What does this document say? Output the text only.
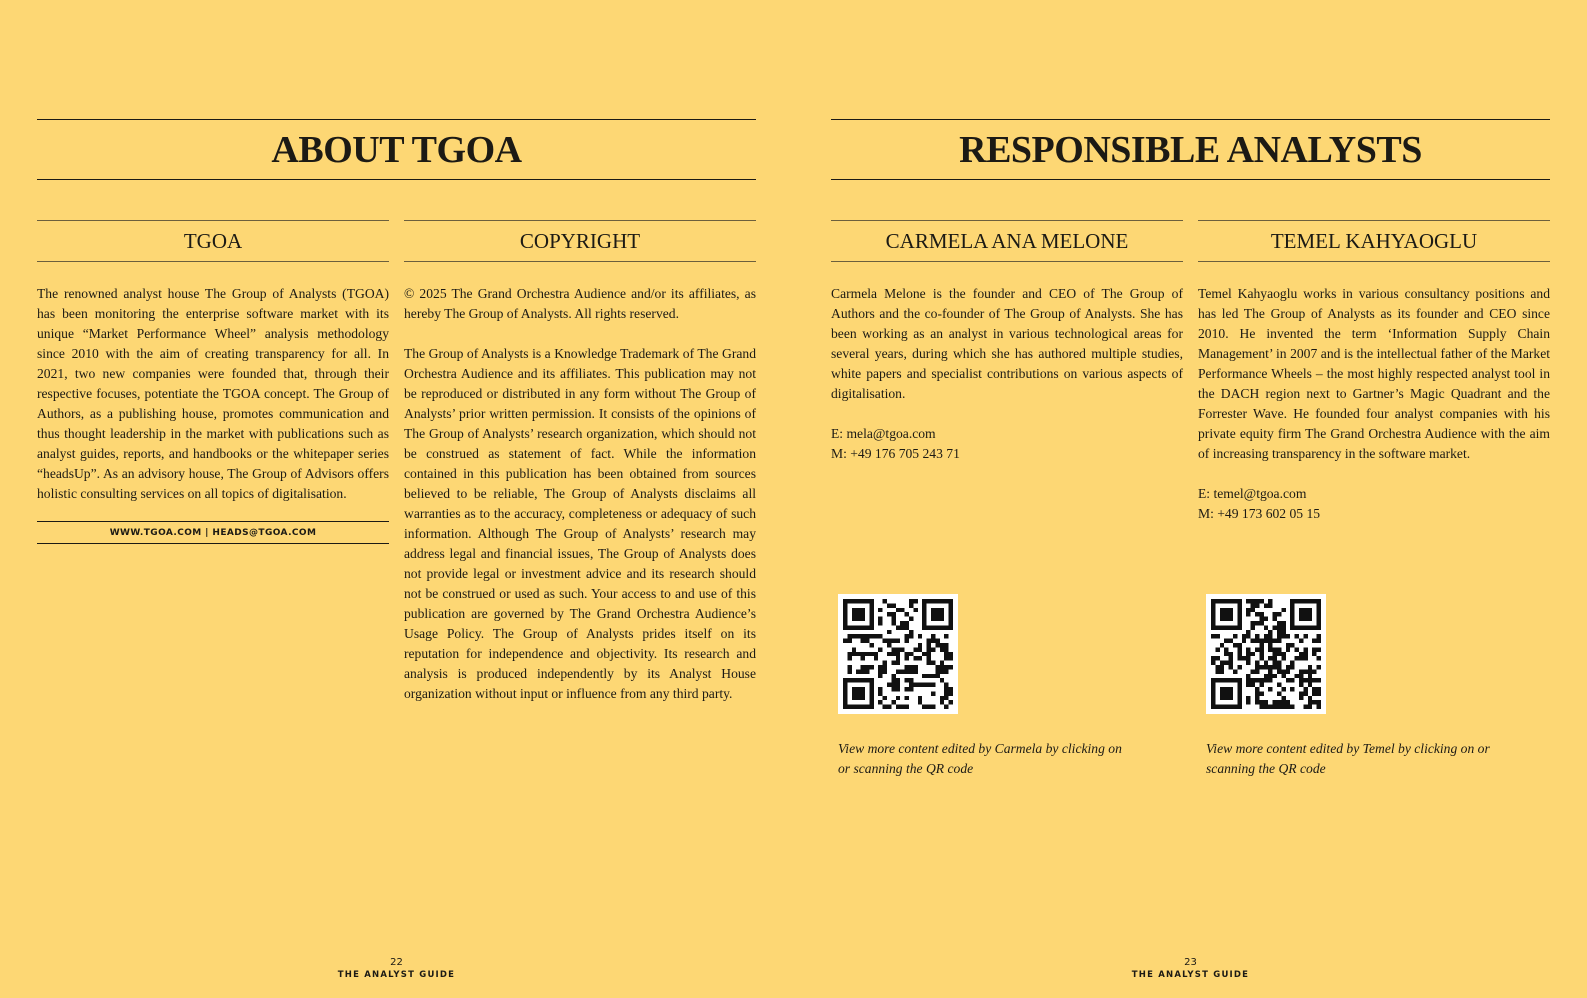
ABOUT TGOA
TGOA

The renowned analyst house The Group of Analysts (TGOA) has been monitoring the enterprise software market with its unique “Market Performance Wheel” analysis methodology since 2010 with the aim of creating transparency for all. In 2021, two new companies were founded that, through their respective focuses, potentiate the TGOA concept. The Group of Authors, as a publishing house, promotes communication and thus thought leadership in the market with publications such as analyst guides, reports, and handbooks or the whitepaper series “headsUp”. As an advisory house, The Group of Advisors offers holistic consulting services on all topics of digitalisation.

WWW.TGOA.COM | HEADS@TGOA.COM
COPYRIGHT

© 2025 The Grand Orchestra Audience and/or its affiliates, as hereby The Group of Analysts. All rights reserved.

The Group of Analysts is a Knowledge Trademark of The Grand Orchestra Audience and its affiliates. This publication may not be reproduced or distributed in any form without The Group of Analysts’ prior written permission. It consists of the opinions of The Group of Analysts’ research organization, which should not be construed as statement of fact. While the information contained in this publication has been obtained from sources believed to be reliable, The Group of Analysts disclaims all warranties as to the accuracy, completeness or adequacy of such information. Although The Group of Analysts’ research may address legal and financial issues, The Group of Analysts does not provide legal or investment advice and its research should not be construed or used as such. Your access to and use of this publication are governed by The Grand Orchestra Audience’s Usage Policy. The Group of Analysts prides itself on its reputation for independence and objectivity. Its research and analysis is produced independently by its Analyst House organization without input or influence from any third party.

22
THE ANALYST GUIDE
RESPONSIBLE ANALYSTS
CARMELA ANA MELONE

Carmela Melone is the founder and CEO of The Group of Authors and the co-founder of The Group of Analysts. She has been working as an analyst in various technological areas for several years, during which she has authored multiple studies, white papers and specialist contributions on various aspects of digitalisation.

E: mela@tgoa.com
M: +49 176 705 243 71
View more content edited by Carmela by clicking on or scanning the QR code
TEMEL KAHYAOGLU

Temel Kahyaoglu works in various consultancy positions and has led The Group of Analysts as its founder and CEO since 2010. He invented the term ‘Information Supply Chain Management’ in 2007 and is the intellectual father of the Market Performance Wheels – the most highly respected analyst tool in the DACH region next to Gartner’s Magic Quadrant and the Forrester Wave. He founded four analyst companies with his private equity firm The Grand Orchestra Audience with the aim of increasing transparency in the software market.

E: temel@tgoa.com
M: +49 173 602 05 15
View more content edited by Temel by clicking on or scanning the QR code
23
THE ANALYST GUIDE
